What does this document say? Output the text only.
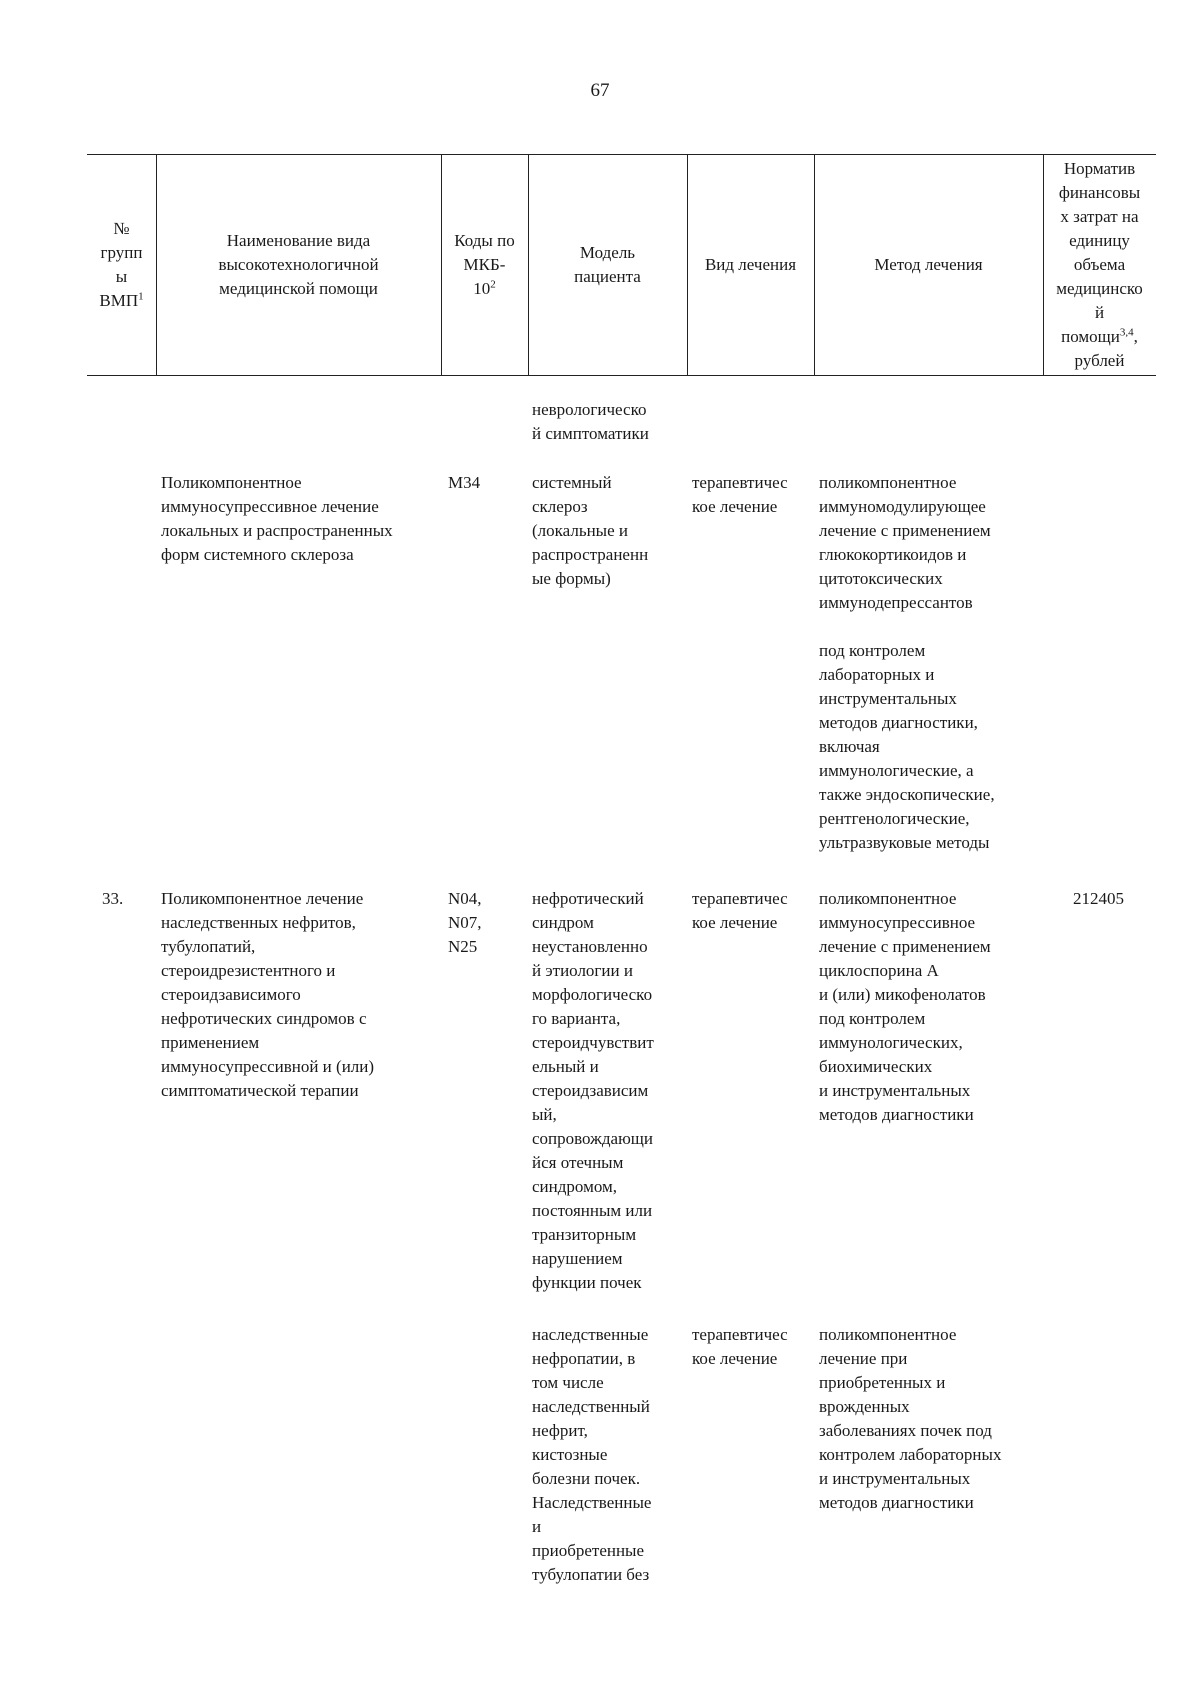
67
№
групп
ы
ВМП$^1$
Наименование вида
высокотехнологичной
медицинской помощи
Коды по
МКБ-
$10^2$
Модель
пациента
Вид лечения	Метод лечения
Норматив
финансовы
х затрат на
единицу
объема
медицинско
й
помощи$^{3,4}$,
рублей

неврологическо
й симптоматики

Поликомпонентное
иммуносупрессивное лечение
локальных и распространенных
форм системного склероза

М34	системный
склероз
(локальные и
распространенн
ые формы)

терапевтичес
кое лечение

поликомпонентное
иммуномодулирующее
лечение с применением
глюкокортикоидов и
цитотоксических
иммунодепрессантов

под контролем
лабораторных и
инструментальных
методов диагностики,
включая
иммунологические, а
также эндоскопические,
рентгенологические,
ультразвуковые методы

33. Поликомпонентное лечение
наследственных нефритов,
тубулопатий,
стероидрезистентного и
стероидзависимого
нефротических синдромов с
применением
иммуносупрессивной и (или)
симптоматической терапии

N04,
N07,
N25

нефротический
синдром
неустановленно
й этиологии и
морфологическо
го варианта,
стероидчувствит
ельный и
стероидзависим
ый,
сопровождающи
йся отечным
синдромом,
постоянным или
транзиторным
нарушением
функции почек

терапевтичес
кое лечение

поликомпонентное
иммуносупрессивное
лечение с применением
циклоспорина А
и (или) микофенолатов
под контролем
иммунологических,
биохимических
и инструментальных
методов диагностики

212405

наследственные
нефропатии, в
том числе
наследственный
нефрит,
кистозные
болезни почек.
Наследственные
и
приобретенные
тубулопатии без

терапевтичес
кое лечение

поликомпонентное
лечение при
приобретенных и
врожденных
заболеваниях почек под
контролем лабораторных
и инструментальных
методов диагностики
